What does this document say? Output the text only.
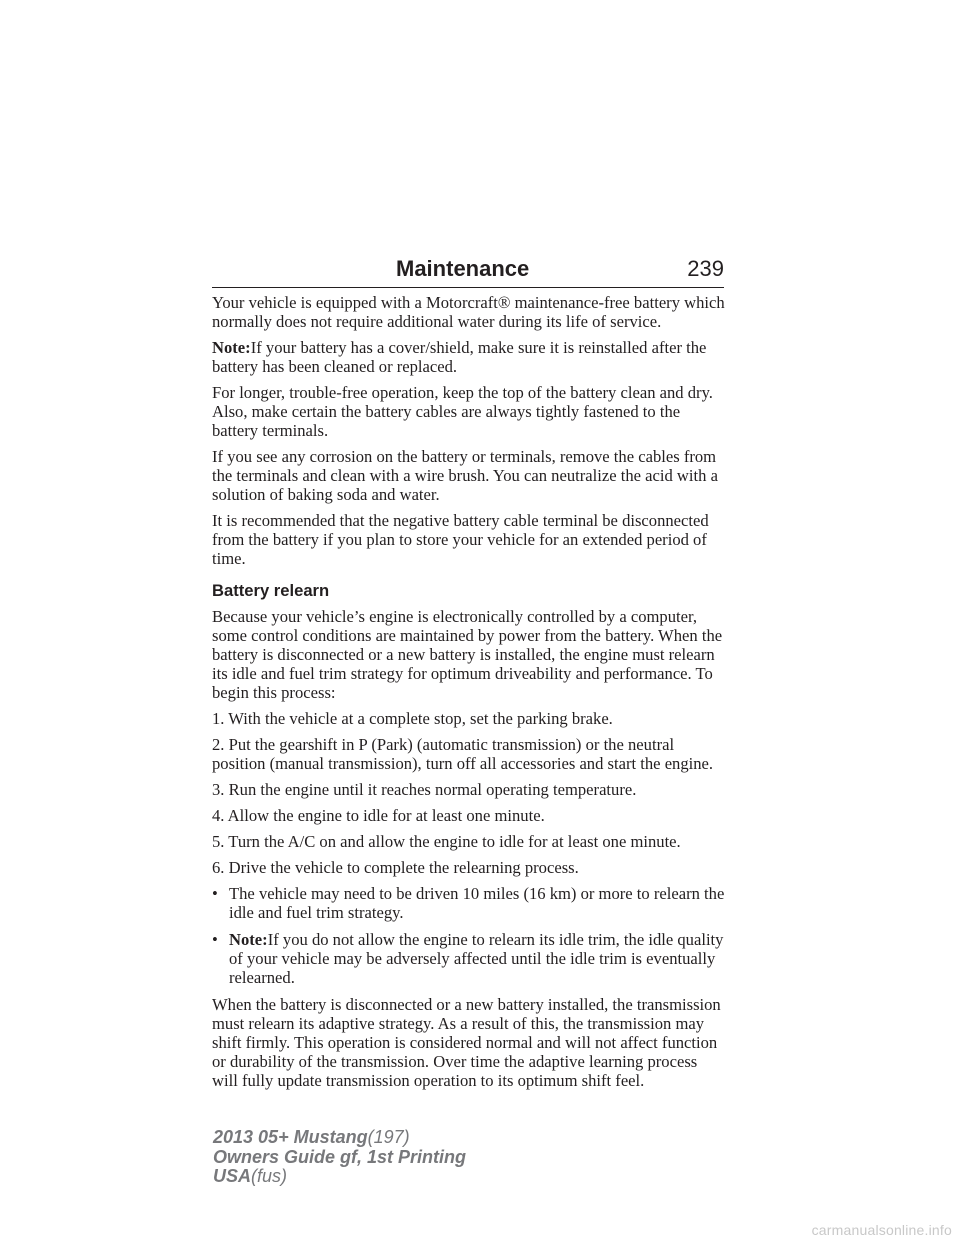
Maintenance	239

Your vehicle is equipped with a Motorcraft® maintenance-free battery which normally does not require additional water during its life of service.

Note:If your battery has a cover/shield, make sure it is reinstalled after the battery has been cleaned or replaced.

For longer, trouble-free operation, keep the top of the battery clean and dry. Also, make certain the battery cables are always tightly fastened to the battery terminals.

If you see any corrosion on the battery or terminals, remove the cables from the terminals and clean with a wire brush. You can neutralize the acid with a solution of baking soda and water.

It is recommended that the negative battery cable terminal be disconnected from the battery if you plan to store your vehicle for an extended period of time.

Battery relearn

Because your vehicle’s engine is electronically controlled by a computer, some control conditions are maintained by power from the battery. When the battery is disconnected or a new battery is installed, the engine must relearn its idle and fuel trim strategy for optimum driveability and performance. To begin this process:

1. With the vehicle at a complete stop, set the parking brake.

2. Put the gearshift in P (Park) (automatic transmission) or the neutral position (manual transmission), turn off all accessories and start the engine.

3. Run the engine until it reaches normal operating temperature.

4. Allow the engine to idle for at least one minute.

5. Turn the A/C on and allow the engine to idle for at least one minute.

6. Drive the vehicle to complete the relearning process.

• The vehicle may need to be driven 10 miles (16 km) or more to relearn the idle and fuel trim strategy.
• Note:If you do not allow the engine to relearn its idle trim, the idle quality of your vehicle may be adversely affected until the idle trim is eventually relearned.

When the battery is disconnected or a new battery installed, the transmission must relearn its adaptive strategy. As a result of this, the transmission may shift firmly. This operation is considered normal and will not affect function or durability of the transmission. Over time the adaptive learning process will fully update transmission operation to its optimum shift feel.

2013 05+ Mustang(197)
Owners Guide gf, 1st Printing
USA(fus)
carmanualsonline.info
